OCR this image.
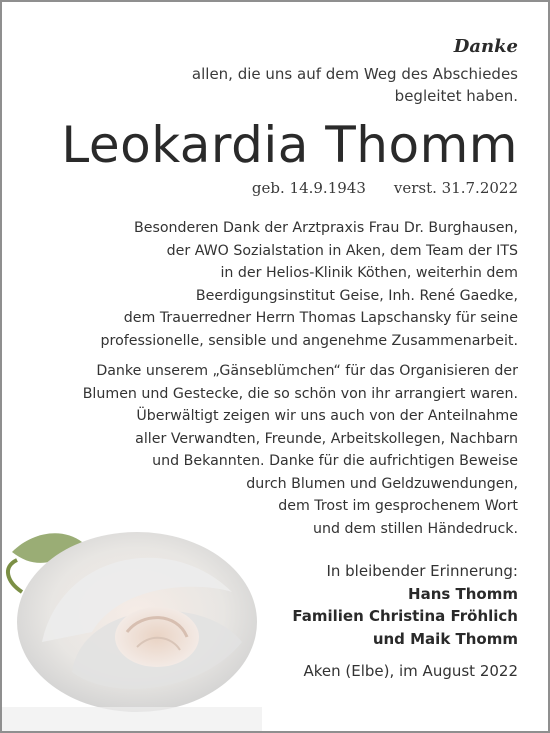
Danke
allen, die uns auf dem Weg des Abschiedes
begleitet haben.
Leokardia Thomm
geb. 14.9.1943 verst. 31.7.2022
Besonderen Dank der Arztpraxis Frau Dr. Burghausen,
der AWO Sozialstation in Aken, dem Team der ITS
in der Helios-Klinik Köthen, weiterhin dem
Beerdigungsinstitut Geise, Inh. René Gaedke,
dem Trauerredner Herrn Thomas Lapschansky für seine
professionelle, sensible und angenehme Zusammenarbeit.
Danke unserem „Gänseblümchen“ für das Organisieren der
Blumen und Gestecke, die so schön von ihr arrangiert waren.
Überwältigt zeigen wir uns auch von der Anteilnahme
aller Verwandten, Freunde, Arbeitskollegen, Nachbarn
und Bekannten. Danke für die aufrichtigen Beweise
durch Blumen und Geldzuwendungen,
dem Trost im gesprochenem Wort
und dem stillen Händedruck.
In bleibender Erinnerung:
Hans Thomm
Familien Christina Fröhlich
und Maik Thomm
Aken (Elbe), im August 2022
